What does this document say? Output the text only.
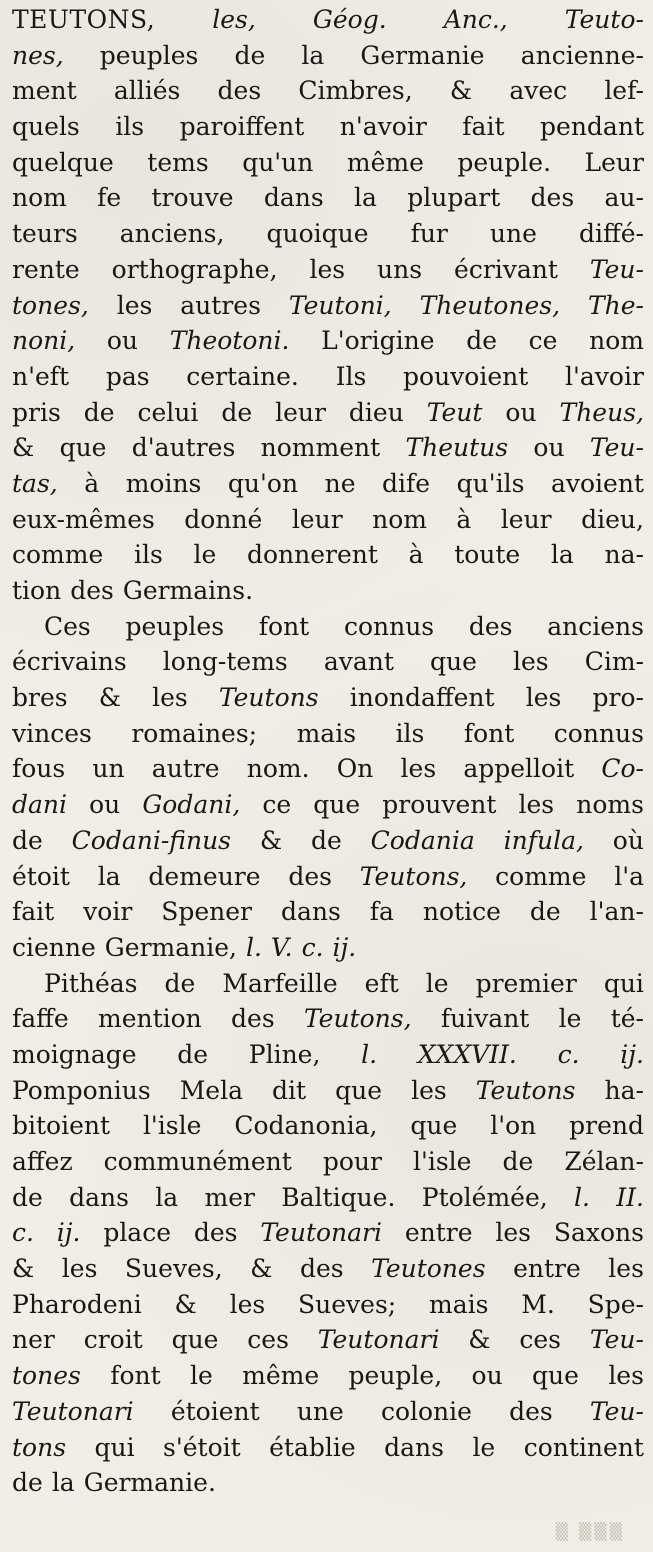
TEUTONS, les, Géog. Anc., Teuto-
nes, peuples de la Germanie ancienne-
ment alliés des Cimbres, & avec lef-
quels ils paroiffent n'avoir fait pendant
quelque tems qu'un même peuple. Leur
nom fe trouve dans la plupart des au-
teurs anciens, quoique fur une diffé-
rente orthographe, les uns écrivant Teu-
tones, les autres Teutoni, Theutones, The-
noni, ou Theotoni. L'origine de ce nom
n'eft pas certaine. Ils pouvoient l'avoir
pris de celui de leur dieu Teut ou Theus,
& que d'autres nomment Theutus ou Teu-
tas, à moins qu'on ne dife qu'ils avoient
eux-mêmes donné leur nom à leur dieu,
comme ils le donnerent à toute la na-
tion des Germains.
Ces peuples font connus des anciens
écrivains long-tems avant que les Cim-
bres & les Teutons inondaffent les pro-
vinces romaines; mais ils font connus
fous un autre nom. On les appelloit Co-
dani ou Godani, ce que prouvent les noms
de Codani-finus & de Codania infula, où
étoit la demeure des Teutons, comme l'a
fait voir Spener dans fa notice de l'an-
cienne Germanie, l. V. c. ij.
Pithéas de Marfeille eft le premier qui
faffe mention des Teutons, fuivant le té-
moignage de Pline, l. XXXVII. c. ij.
Pomponius Mela dit que les Teutons ha-
bitoient l'isle Codanonia, que l'on prend
affez communément pour l'isle de Zélan-
de dans la mer Baltique. Ptolémée, l. II.
c. ij. place des Teutonari entre les Saxons
& les Sueves, & des Teutones entre les
Pharodeni & les Sueves; mais M. Spe-
ner croit que ces Teutonari & ces Teu-
tones font le même peuple, ou que les
Teutonari étoient une colonie des Teu-
tons qui s'étoit établie dans le continent
de la Germanie.
▒ ▒▒▒
